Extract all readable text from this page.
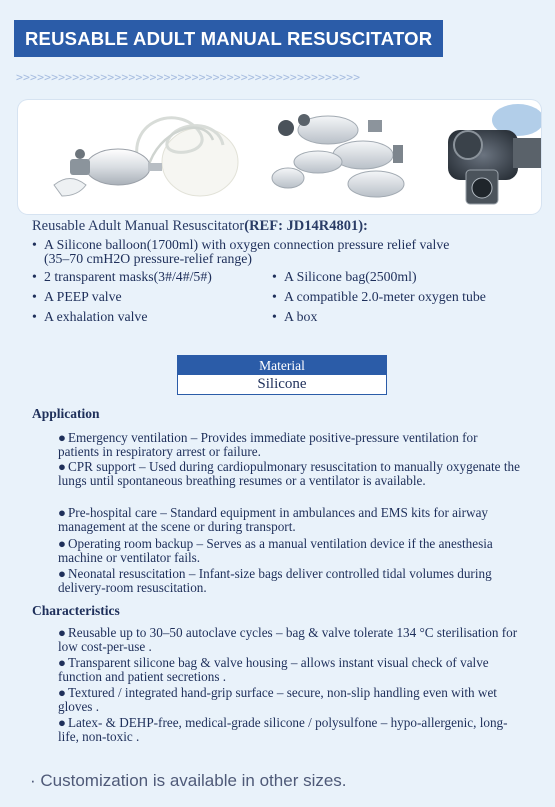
REUSABLE ADULT MANUAL RESUSCITATOR
>>>>>>>>>>>>>>>>>>>>>>>>>>>>>>>>>>>>>>>>>>>>>>>>>
Reusable Adult Manual Resuscitator(REF: JD14R4801):
• A Silicone balloon(1700ml) with oxygen connection pressure relief valve
(35–70 cmH2O pressure-relief range)
• 2 transparent masks(3#/4#/5#)	• A Silicone bag(2500ml)
• A PEEP valve	• A compatible 2.0-meter oxygen tube
• A exhalation valve	• A box
Material
Silicone
Application
● Emergency ventilation – Provides immediate positive-pressure ventilation for patients in respiratory arrest or failure.
● CPR support – Used during cardiopulmonary resuscitation to manually oxygenate the lungs until spontaneous breathing resumes or a ventilator is available.
● Pre-hospital care – Standard equipment in ambulances and EMS kits for airway management at the scene or during transport.
● Operating room backup – Serves as a manual ventilation device if the anesthesia machine or ventilator fails.
● Neonatal resuscitation – Infant-size bags deliver controlled tidal volumes during delivery-room resuscitation.
Characteristics
● Reusable up to 30–50 autoclave cycles – bag & valve tolerate 134 °C sterilisation for low cost-per-use .
● Transparent silicone bag & valve housing – allows instant visual check of valve function and patient secretions .
● Textured / integrated hand-grip surface – secure, non-slip handling even with wet gloves .
● Latex- & DEHP-free, medical-grade silicone / polysulfone – hypo-allergenic, long-life, non-toxic .
· Customization is available in other sizes.
